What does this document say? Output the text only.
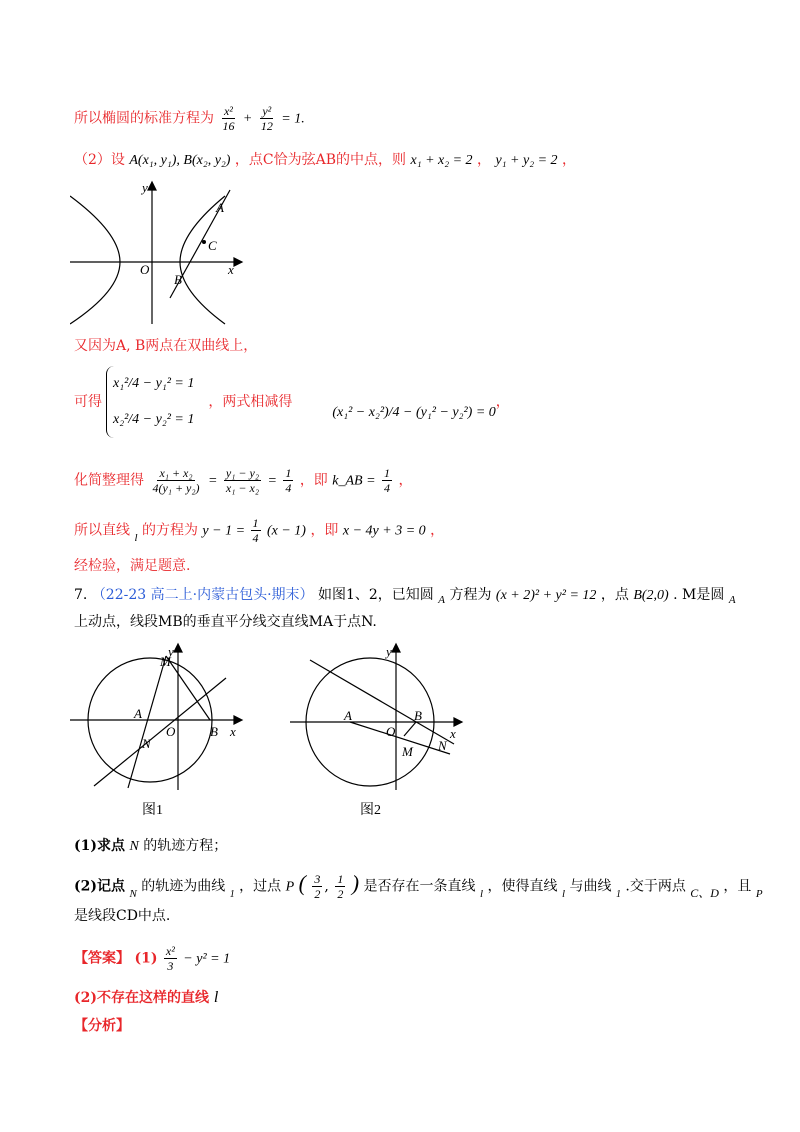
所以椭圆的标准方程为 $\frac{\text{x²}}{16} + \frac{\text{y²}}{12} = 1$.
（2）设 A(x₁, y₁), B(x₂, y₂) ，点C恰为弦AB的中点，则 x₁ + x₂ = 2 ， y₁ + y₂ = 2 ，
A
C
B
O
y
x
又因为A, B两点在双曲线上，
可得
x₁²/4 − y₁² = 1
x₂²/4 − y₂² = 1
，两式相减得
(x₁² − x₂²)/4 − (y₁² − y₂²) = 0
，
化简整理得 $\frac{\text{x₁ + x₂}}{\text{4(y₁ + y₂)}} = \frac{\text{y₁ − y₂}}{\text{x₁ − x₂}} = \frac{1}{4}$ ，即 k_AB = $\frac{1}{4}$ ，
所以直线 $_l$ 的方程为 $y - 1 = \frac{1}{4} (x - 1)$ ，即 x − 4y + 3 = 0 ，
经检验，满足题意.
7. （22-23 高二上·内蒙古包头·期末） 如图1、2，已知圆 $_A$ 方程为 (x + 2)² + y² = 12 ，点 B(2,0) . M是圆 $_A$
上动点，线段MB的垂直平分线交直线MA于点N.
M
A
O	B
N
y
x
图1
A	B
O
M N
y
x
图2
(1)求点 N 的轨迹方程；
(2)记点 $_N$ 的轨迹为曲线 $_1$ ，过点 P ( $\frac{3}{2}$ , $\frac{1}{2}$ ) 是否存在一条直线 $_l$ ，使得直线 $_l$ 与曲线 $_1$ .交于两点 C、D ，且 $_P$
是线段CD中点.
【答案】 $(1) \frac{\text{x²}}{3} - y^2 = 1$
(2)不存在这样的直线 l
【分析】
